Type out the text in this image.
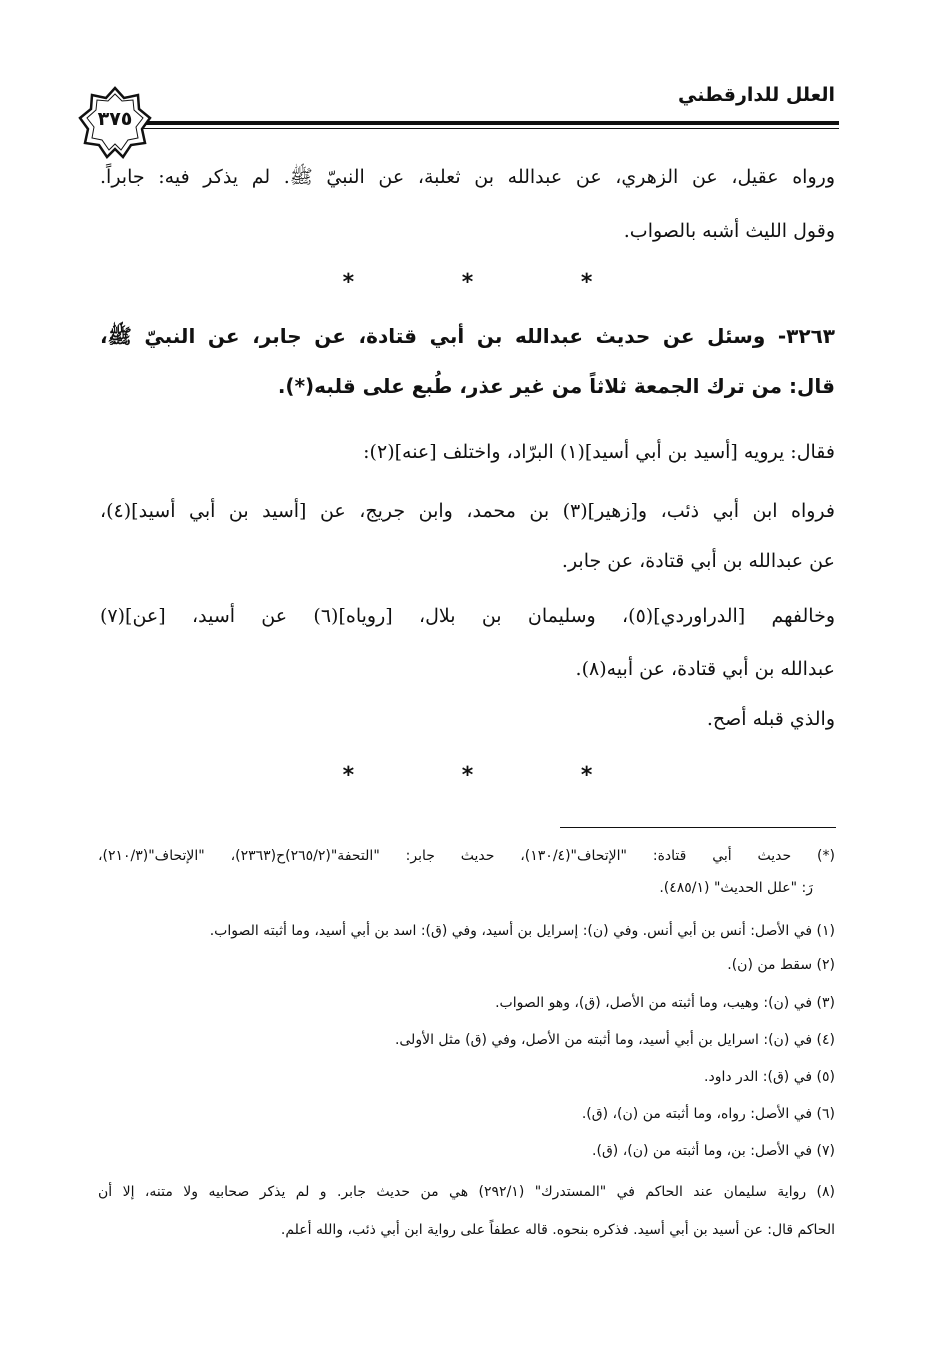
العلل للدارقطني
٣٧٥
ورواه عقيل، عن الزهري، عن عبدالله بن ثعلبة، عن النبيّ ﷺ. لم يذكر فيه: جابراً.
وقول الليث أشبه بالصواب.
* * *
٣٢٦٣- وسئل عن حديث عبدالله بن أبي قتادة، عن جابر، عن النبيّ ﷺ،
قال: من ترك الجمعة ثلاثاً من غير عذر، طُبع على قلبه(*).
فقال: يرويه [أسيد بن أبي أسيد](١) البرّاد، واختلف [عنه](٢):
فرواه ابن أبي ذئب، و[زهير](٣) بن محمد، وابن جريج، عن [أسيد بن أبي أسيد](٤)،
عن عبدالله بن أبي قتادة، عن جابر.
وخالفهم [الدراوردي](٥)، وسليمان بن بلال، [روياه](٦) عن أسيد، [عن](٧)
عبدالله بن أبي قتادة، عن أبيه(٨).
والذي قبله أصح.
* * *
(*) حديث أبي قتادة: "الإتحاف"(١٣٠/٤)، حديث جابر: "التحفة"(٢٦٥/٢)ح(٢٣٦٣)، "الإتحاف"(٢١٠/٣)،
رَ: "علل الحديث" (٤٨٥/١).
(١) في الأصل: أنس بن أبي أنس. وفي (ن): إسرايل بن أسيد، وفي (ق): اسد بن أبي أسيد، وما أثبته الصواب.
(٢) سقط من (ن).
(٣) في (ن): وهيب، وما أثبته من الأصل، (ق)، وهو الصواب.
(٤) في (ن): اسرايل بن أبي أسيد، وما أثبته من الأصل، وفي (ق) مثل الأولى.
(٥) في (ق): الدر داود.
(٦) في الأصل: رواه، وما أثبته من (ن)، (ق).
(٧) في الأصل: بن، وما أثبته من (ن)، (ق).
(٨) رواية سليمان عند الحاكم في "المستدرك" (٢٩٢/١) هي من حديث جابر. و لم يذكر صحابيه ولا متنه، إلا أن
الحاكم قال: عن أسيد بن أبي أسيد. فذكره بنحوه. قاله عطفاً على رواية ابن أبي ذئب، والله أعلم.
